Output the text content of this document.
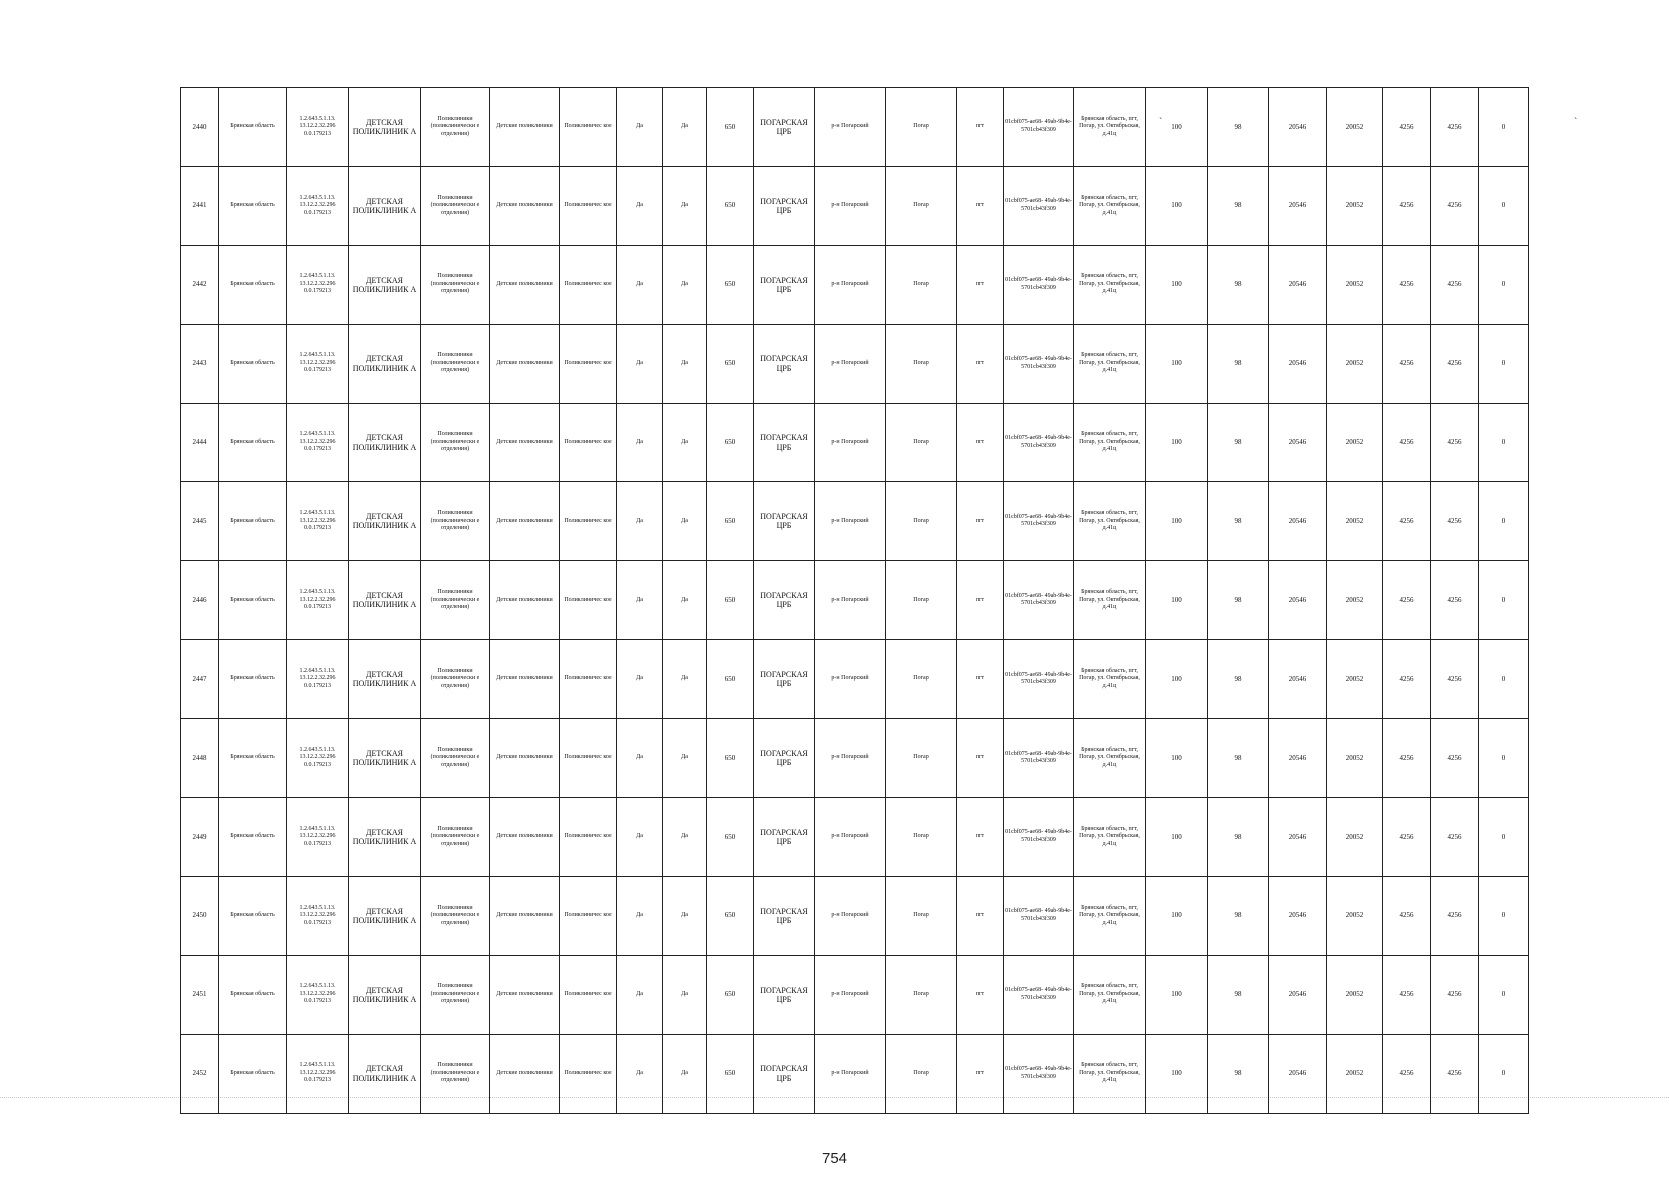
2440	Брянская область	1.2.643.5.1.13. 13.12.2.32.296 0.0.179213	ДЕТСКАЯ ПОЛИКЛИНИК А	Поликлиники (поликлинически е отделения)	Детские поликлиники	Поликлиничес кое	Да	Да	650	ПОГАРСКАЯ ЦРБ	р-н Погарский	Погар	пгт	01cbf075-ae68- 49ab-9b4e- 5701cb43f309	Брянская область, пгт, Погар, ул. Октябрьская, д.41ц	100	98	20546	20052	4256	4256	0
2441	Брянская область	1.2.643.5.1.13. 13.12.2.32.296 0.0.179213	ДЕТСКАЯ ПОЛИКЛИНИК А	Поликлиники (поликлинически е отделения)	Детские поликлиники	Поликлиничес кое	Да	Да	650	ПОГАРСКАЯ ЦРБ	р-н Погарский	Погар	пгт	01cbf075-ae68- 49ab-9b4e- 5701cb43f309	Брянская область, пгт, Погар, ул. Октябрьская, д.41ц	100	98	20546	20052	4256	4256	0
2442	Брянская область	1.2.643.5.1.13. 13.12.2.32.296 0.0.179213	ДЕТСКАЯ ПОЛИКЛИНИК А	Поликлиники (поликлинически е отделения)	Детские поликлиники	Поликлиничес кое	Да	Да	650	ПОГАРСКАЯ ЦРБ	р-н Погарский	Погар	пгт	01cbf075-ae68- 49ab-9b4e- 5701cb43f309	Брянская область, пгт, Погар, ул. Октябрьская, д.41ц	100	98	20546	20052	4256	4256	0
2443	Брянская область	1.2.643.5.1.13. 13.12.2.32.296 0.0.179213	ДЕТСКАЯ ПОЛИКЛИНИК А	Поликлиники (поликлинически е отделения)	Детские поликлиники	Поликлиничес кое	Да	Да	650	ПОГАРСКАЯ ЦРБ	р-н Погарский	Погар	пгт	01cbf075-ae68- 49ab-9b4e- 5701cb43f309	Брянская область, пгт, Погар, ул. Октябрьская, д.41ц	100	98	20546	20052	4256	4256	0
2444	Брянская область	1.2.643.5.1.13. 13.12.2.32.296 0.0.179213	ДЕТСКАЯ ПОЛИКЛИНИК А	Поликлиники (поликлинически е отделения)	Детские поликлиники	Поликлиничес кое	Да	Да	650	ПОГАРСКАЯ ЦРБ	р-н Погарский	Погар	пгт	01cbf075-ae68- 49ab-9b4e- 5701cb43f309	Брянская область, пгт, Погар, ул. Октябрьская, д.41ц	100	98	20546	20052	4256	4256	0
2445	Брянская область	1.2.643.5.1.13. 13.12.2.32.296 0.0.179213	ДЕТСКАЯ ПОЛИКЛИНИК А	Поликлиники (поликлинически е отделения)	Детские поликлиники	Поликлиничес кое	Да	Да	650	ПОГАРСКАЯ ЦРБ	р-н Погарский	Погар	пгт	01cbf075-ae68- 49ab-9b4e- 5701cb43f309	Брянская область, пгт, Погар, ул. Октябрьская, д.41ц	100	98	20546	20052	4256	4256	0
2446	Брянская область	1.2.643.5.1.13. 13.12.2.32.296 0.0.179213	ДЕТСКАЯ ПОЛИКЛИНИК А	Поликлиники (поликлинически е отделения)	Детские поликлиники	Поликлиничес кое	Да	Да	650	ПОГАРСКАЯ ЦРБ	р-н Погарский	Погар	пгт	01cbf075-ae68- 49ab-9b4e- 5701cb43f309	Брянская область, пгт, Погар, ул. Октябрьская, д.41ц	100	98	20546	20052	4256	4256	0
2447	Брянская область	1.2.643.5.1.13. 13.12.2.32.296 0.0.179213	ДЕТСКАЯ ПОЛИКЛИНИК А	Поликлиники (поликлинически е отделения)	Детские поликлиники	Поликлиничес кое	Да	Да	650	ПОГАРСКАЯ ЦРБ	р-н Погарский	Погар	пгт	01cbf075-ae68- 49ab-9b4e- 5701cb43f309	Брянская область, пгт, Погар, ул. Октябрьская, д.41ц	100	98	20546	20052	4256	4256	0
2448	Брянская область	1.2.643.5.1.13. 13.12.2.32.296 0.0.179213	ДЕТСКАЯ ПОЛИКЛИНИК А	Поликлиники (поликлинически е отделения)	Детские поликлиники	Поликлиничес кое	Да	Да	650	ПОГАРСКАЯ ЦРБ	р-н Погарский	Погар	пгт	01cbf075-ae68- 49ab-9b4e- 5701cb43f309	Брянская область, пгт, Погар, ул. Октябрьская, д.41ц	100	98	20546	20052	4256	4256	0
2449	Брянская область	1.2.643.5.1.13. 13.12.2.32.296 0.0.179213	ДЕТСКАЯ ПОЛИКЛИНИК А	Поликлиники (поликлинически е отделения)	Детские поликлиники	Поликлиничес кое	Да	Да	650	ПОГАРСКАЯ ЦРБ	р-н Погарский	Погар	пгт	01cbf075-ae68- 49ab-9b4e- 5701cb43f309	Брянская область, пгт, Погар, ул. Октябрьская, д.41ц	100	98	20546	20052	4256	4256	0
2450	Брянская область	1.2.643.5.1.13. 13.12.2.32.296 0.0.179213	ДЕТСКАЯ ПОЛИКЛИНИК А	Поликлиники (поликлинически е отделения)	Детские поликлиники	Поликлиничес кое	Да	Да	650	ПОГАРСКАЯ ЦРБ	р-н Погарский	Погар	пгт	01cbf075-ae68- 49ab-9b4e- 5701cb43f309	Брянская область, пгт, Погар, ул. Октябрьская, д.41ц	100	98	20546	20052	4256	4256	0
2451	Брянская область	1.2.643.5.1.13. 13.12.2.32.296 0.0.179213	ДЕТСКАЯ ПОЛИКЛИНИК А	Поликлиники (поликлинически е отделения)	Детские поликлиники	Поликлиничес кое	Да	Да	650	ПОГАРСКАЯ ЦРБ	р-н Погарский	Погар	пгт	01cbf075-ae68- 49ab-9b4e- 5701cb43f309	Брянская область, пгт, Погар, ул. Октябрьская, д.41ц	100	98	20546	20052	4256	4256	0
2452	Брянская область	1.2.643.5.1.13. 13.12.2.32.296 0.0.179213	ДЕТСКАЯ ПОЛИКЛИНИК А	Поликлиники (поликлинически е отделения)	Детские поликлиники	Поликлиничес кое	Да	Да	650	ПОГАРСКАЯ ЦРБ	р-н Погарский	Погар	пгт	01cbf075-ae68- 49ab-9b4e- 5701cb43f309	Брянская область, пгт, Погар, ул. Октябрьская, д.41ц	100	98	20546	20052	4256	4256	0
`	`
754
